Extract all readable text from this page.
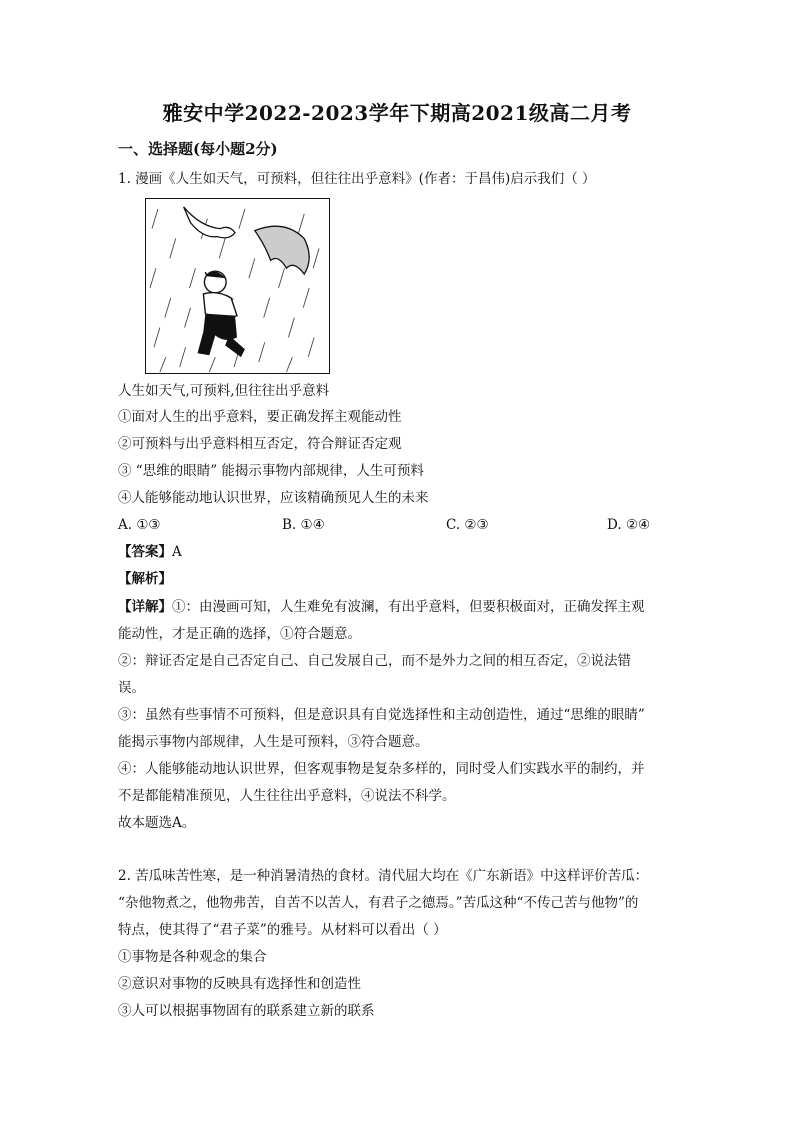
雅安中学2022-2023学年下期高2021级高二月考
一、选择题(每小题2分)
1. 漫画《人生如天气，可预料，但往往出乎意料》(作者：于昌伟)启示我们（ ）
人生如天气,可预料,但往往出乎意料
①面对人生的出乎意料，要正确发挥主观能动性
②可预料与出乎意料相互否定，符合辩证否定观
③ “思维的眼睛” 能揭示事物内部规律，人生可预料
④人能够能动地认识世界，应该精确预见人生的未来
A. ①③	B. ①④	C. ②③	D. ②④
【答案】A
【解析】
【详解】①：由漫画可知，人生难免有波澜，有出乎意料，但要积极面对，正确发挥主观
能动性，才是正确的选择，①符合题意。
②：辩证否定是自己否定自己、自己发展自己，而不是外力之间的相互否定，②说法错
误。
③：虽然有些事情不可预料，但是意识具有自觉选择性和主动创造性，通过“思维的眼睛”
能揭示事物内部规律，人生是可预料，③符合题意。
④：人能够能动地认识世界，但客观事物是复杂多样的，同时受人们实践水平的制约，并
不是都能精准预见，人生往往出乎意料，④说法不科学。
故本题选A。
2. 苦瓜味苦性寒，是一种消暑清热的食材。清代屈大均在《广东新语》中这样评价苦瓜：
“杂他物煮之，他物弗苦，自苦不以苦人，有君子之德焉。”苦瓜这种“不传己苦与他物”的
特点，使其得了“君子菜”的雅号。从材料可以看出（ ）
①事物是各种观念的集合
②意识对事物的反映具有选择性和创造性
③人可以根据事物固有的联系建立新的联系
